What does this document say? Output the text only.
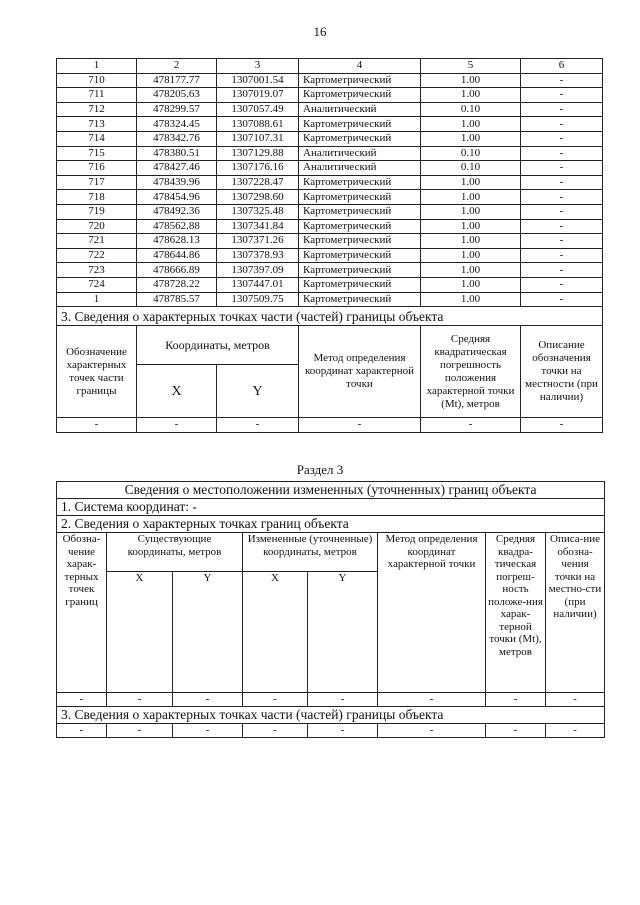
16
1	2	3	4	5	6
710	478177.77	1307001.54	Картометрический	1.00	-
711	478205.63	1307019.07	Картометрический	1.00	-
712	478299.57	1307057.49	Аналитический	0.10	-
713	478324.45	1307088.61	Картометрический	1.00	-
714	478342.76	1307107.31	Картометрический	1.00	-
715	478380.51	1307129.88	Аналитический	0.10	-
716	478427.46	1307176.16	Аналитический	0.10	-
717	478439.96	1307228.47	Картометрический	1.00	-
718	478454.96	1307298.60	Картометрический	1.00	-
719	478492.36	1307325.48	Картометрический	1.00	-
720	478562.88	1307341.84	Картометрический	1.00	-
721	478628.13	1307371.26	Картометрический	1.00	-
722	478644.86	1307378.93	Картометрический	1.00	-
723	478666.89	1307397.09	Картометрический	1.00	-
724	478728.22	1307447.01	Картометрический	1.00	-
1	478785.57	1307509.75	Картометрический	1.00	-
3. Сведения о характерных точках части (частей) границы объекта					
Обозначение характерных точек части границы	Координаты, метров		Метод определения координат характерной точки	Средняя квадратическая погрешность положения характерной точки (Mt), метров	Описание обозначения точки на местности (при наличии)
	X	Y			
-	-	-	-	-	-
Раздел 3
Сведения о местоположении измененных (уточненных) границ объекта							
1. Система координат: -							
2. Сведения о характерных точках границ объекта							
Обозна-чение харак-терных точек границ	Существующие координаты, метров		Измененные (уточненные) координаты, метров		Метод определения координат характерной точки	Средняя квадра-тическая погреш-ность положе-ния харак-терной точки (Mt), метров	Описа-ние обозна-чения точки на местно-сти (при наличии)
	X	Y	X	Y			
-	-	-	-	-	-	-	-
3. Сведения о характерных точках части (частей) границы объекта							
-	-	-	-	-	-	-	-
